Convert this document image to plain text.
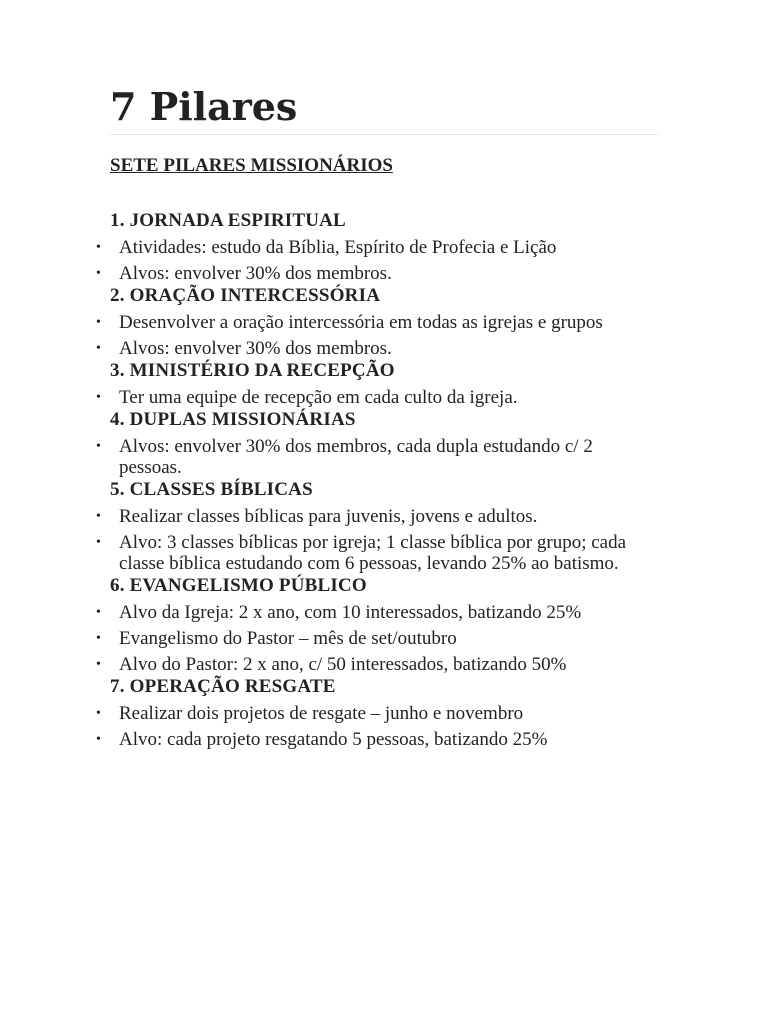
7 Pilares
SETE PILARES MISSIONÁRIOS
1. JORNADA ESPIRITUAL
• Atividades: estudo da Bíblia, Espírito de Profecia e Lição
• Alvos: envolver 30% dos membros.
2. ORAÇÃO INTERCESSÓRIA
• Desenvolver a oração intercessória em todas as igrejas e grupos
• Alvos: envolver 30% dos membros.
3. MINISTÉRIO DA RECEPÇÃO
• Ter uma equipe de recepção em cada culto da igreja.
4. DUPLAS MISSIONÁRIAS
• Alvos: envolver 30% dos membros, cada dupla estudando c/ 2 pessoas.
5. CLASSES BÍBLICAS
• Realizar classes bíblicas para juvenis, jovens e adultos.
• Alvo: 3 classes bíblicas por igreja; 1 classe bíblica por grupo; cada classe bíblica estudando com 6 pessoas, levando 25% ao batismo.
6. EVANGELISMO PÚBLICO
• Alvo da Igreja: 2 x ano, com 10 interessados, batizando 25%
• Evangelismo do Pastor – mês de set/outubro
• Alvo do Pastor: 2 x ano, c/ 50 interessados, batizando 50%
7. OPERAÇÃO RESGATE
• Realizar dois projetos de resgate – junho e novembro
• Alvo: cada projeto resgatando 5 pessoas, batizando 25%
